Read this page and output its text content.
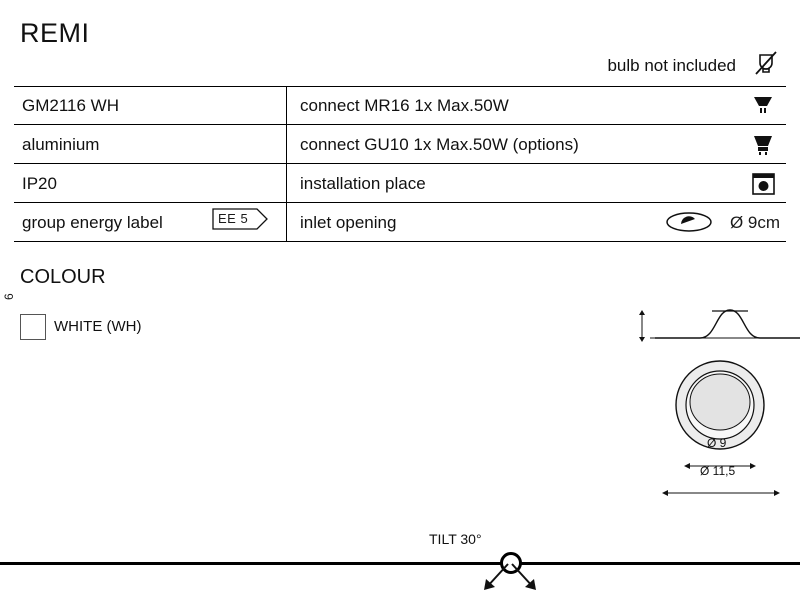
REMI
bulb not included
GM2116 WH	connect MR16 1x Max.50W
aluminium	connect GU10 1x Max.50W (options)
IP20	installation place
group energy label	inlet opening	Ø 9cm
EE 5
COLOUR
WHITE (WH)
6
Ø 9
Ø 11,5
TILT 30°
